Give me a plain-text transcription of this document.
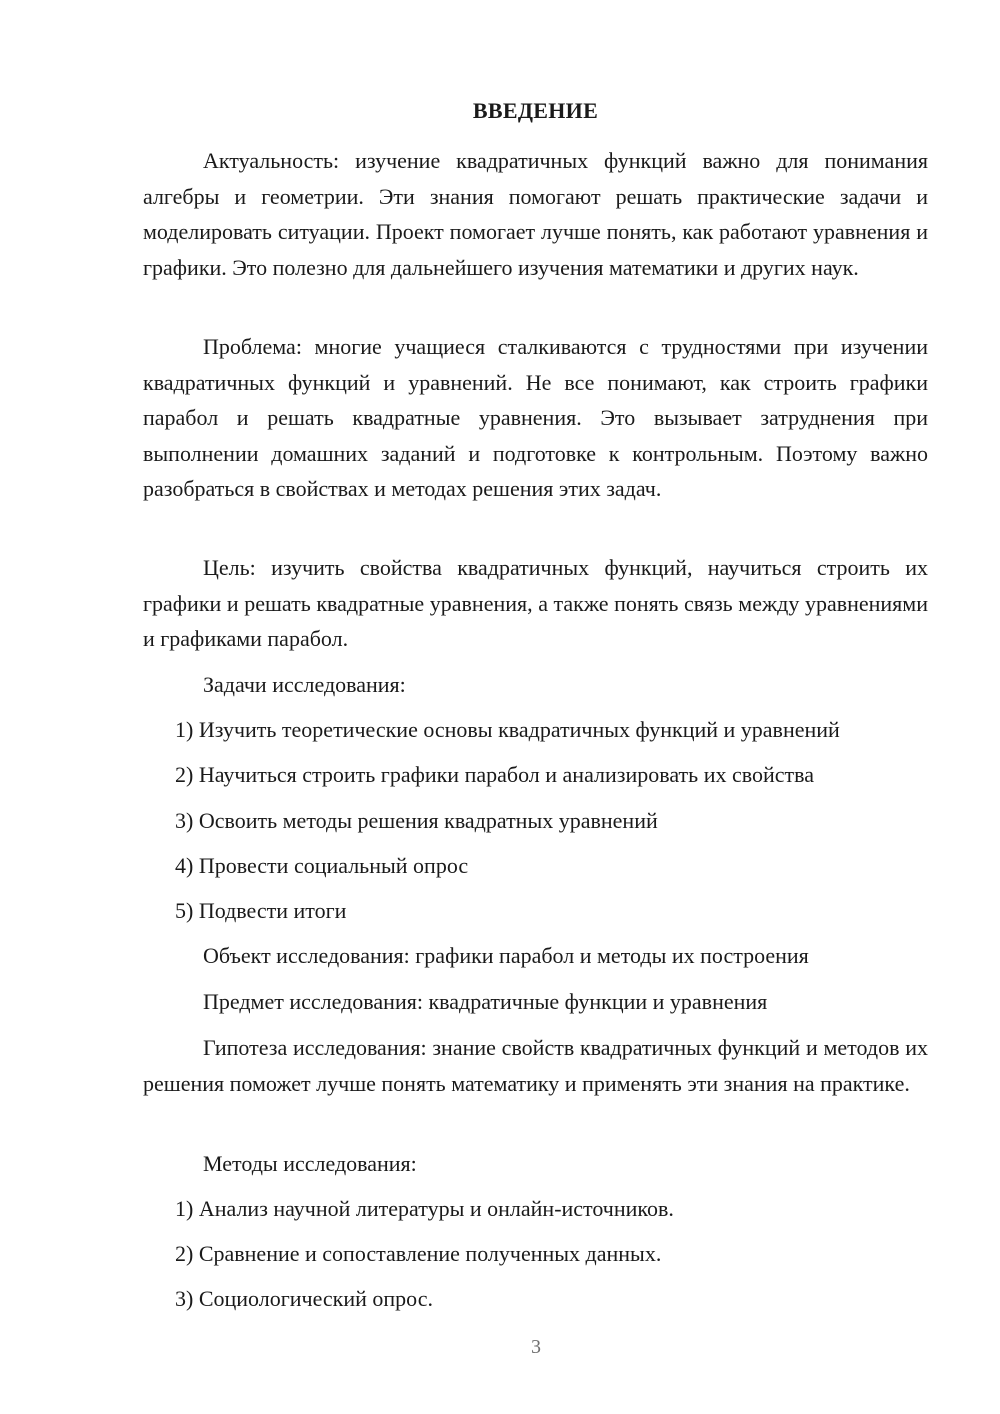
ВВЕДЕНИЕ

Актуальность: изучение квадратичных функций важно для понимания алгебры и геометрии. Эти знания помогают решать практические задачи и моделировать ситуации. Проект помогает лучше понять, как работают уравнения и графики. Это полезно для дальнейшего изучения математики и других наук.

Проблема: многие учащиеся сталкиваются с трудностями при изучении квадратичных функций и уравнений. Не все понимают, как строить графики парабол и решать квадратные уравнения. Это вызывает затруднения при выполнении домашних заданий и подготовке к контрольным. Поэтому важно разобраться в свойствах и методах решения этих задач.

Цель: изучить свойства квадратичных функций, научиться строить их графики и решать квадратные уравнения, а также понять связь между уравнениями и графиками парабол.

Задачи исследования:
1) Изучить теоретические основы квадратичных функций и уравнений
2) Научиться строить графики парабол и анализировать их свойства
3) Освоить методы решения квадратных уравнений
4) Провести социальный опрос
5) Подвести итоги
Объект исследования: графики парабол и методы их построения
Предмет исследования: квадратичные функции и уравнения

Гипотеза исследования: знание свойств квадратичных функций и методов их решения поможет лучше понять математику и применять эти знания на практике.

Методы исследования:
1) Анализ научной литературы и онлайн-источников.
2) Сравнение и сопоставление полученных данных.
3) Социологический опрос.
3
